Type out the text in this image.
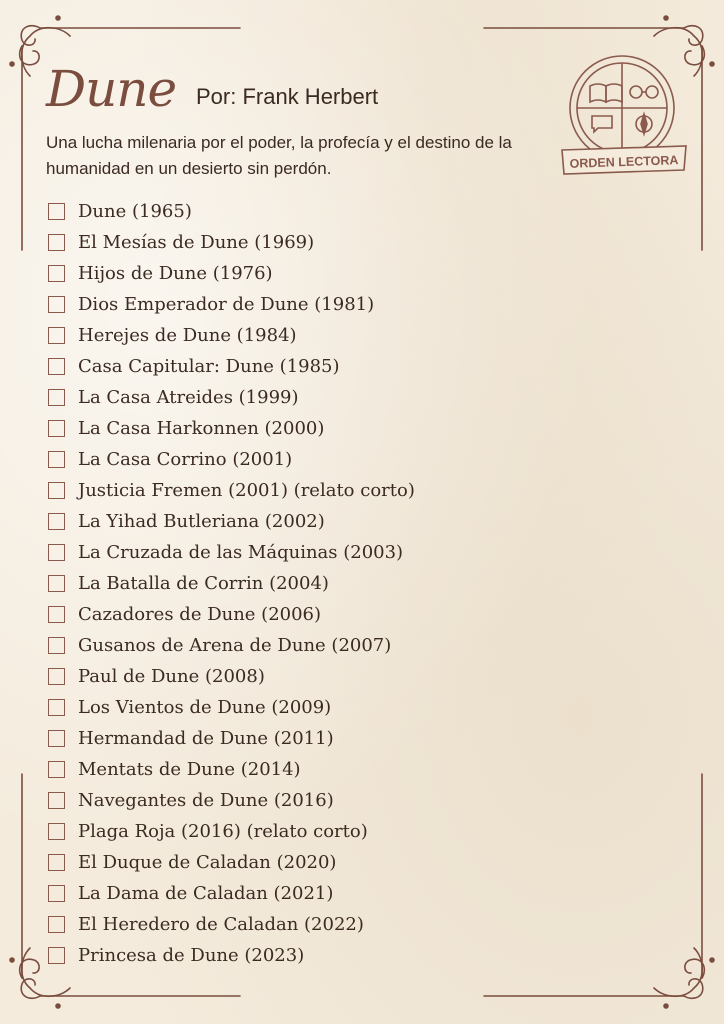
Dune Por: Frank Herbert
Una lucha milenaria por el poder, la profecía y el destino de la humanidad en un desierto sin perdón.	ORDEN LECTORA
Dune (1965)
El Mesías de Dune (1969)
Hijos de Dune (1976)
Dios Emperador de Dune (1981)
Herejes de Dune (1984)
Casa Capitular: Dune (1985)
La Casa Atreides (1999)
La Casa Harkonnen (2000)
La Casa Corrino (2001)
Justicia Fremen (2001) (relato corto)
La Yihad Butleriana (2002)
La Cruzada de las Máquinas (2003)
La Batalla de Corrin (2004)
Cazadores de Dune (2006)
Gusanos de Arena de Dune (2007)
Paul de Dune (2008)
Los Vientos de Dune (2009)
Hermandad de Dune (2011)
Mentats de Dune (2014)
Navegantes de Dune (2016)
Plaga Roja (2016) (relato corto)
El Duque de Caladan (2020)
La Dama de Caladan (2021)
El Heredero de Caladan (2022)
Princesa de Dune (2023)
